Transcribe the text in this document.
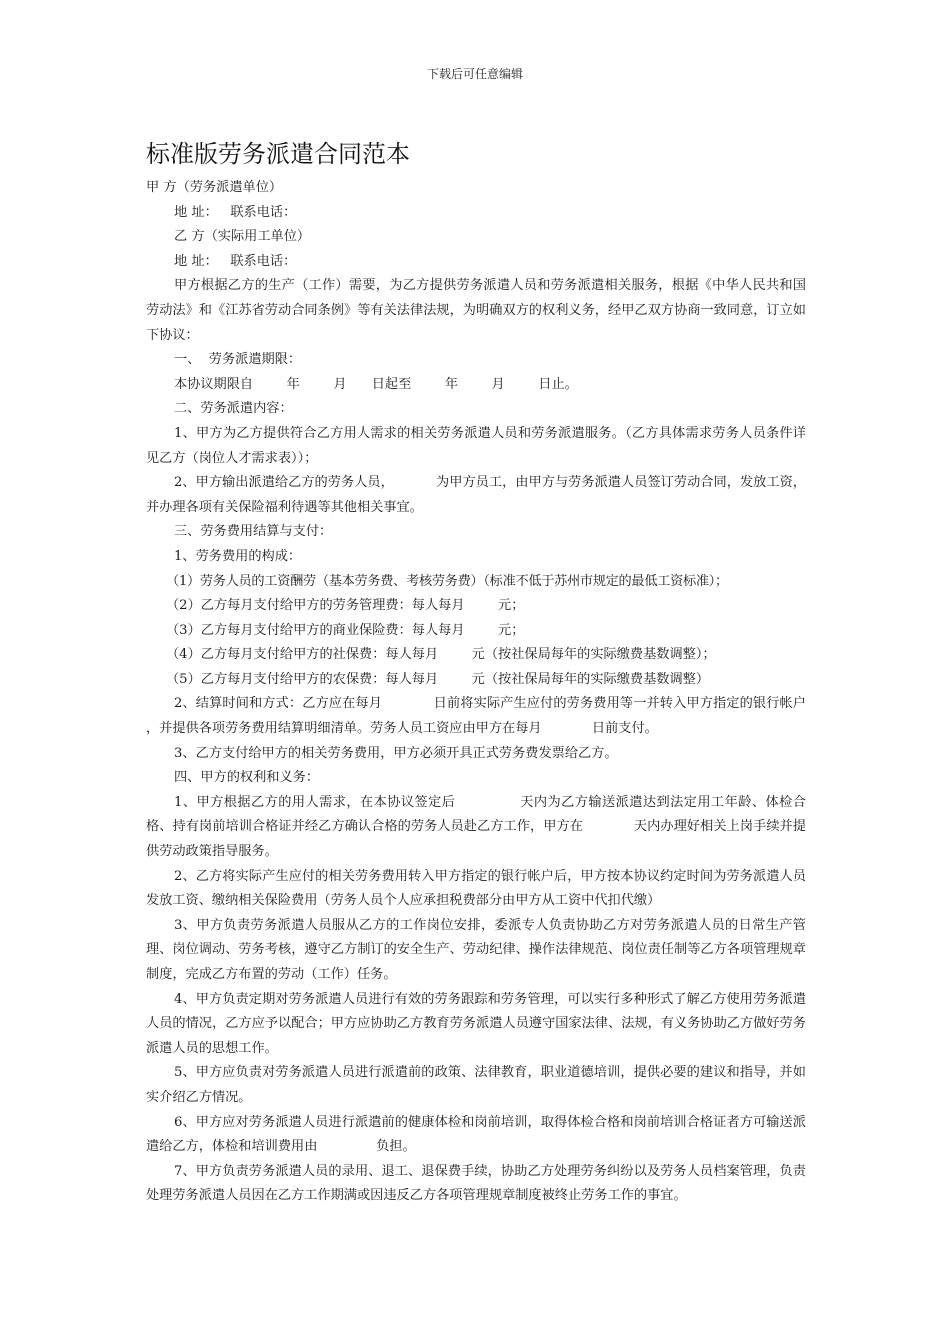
下载后可任意编辑
标准版劳务派遣合同范本

甲 方（劳务派遣单位）

地 址：   联系电话：

乙 方（实际用工单位）

地 址：   联系电话：

甲方根据乙方的生产（工作）需要，为乙方提供劳务派遣人员和劳务派遣相关服务，根据《中华人民共和国劳动法》和《江苏省劳动合同条例》等有关法律法规，为明确双方的权利义务，经甲乙双方协商一致同意，订立如下协议：

一、  劳务派遣期限：

本协议期限自        年        月      日起至        年        月        日止。

二、劳务派遣内容：

1、甲方为乙方提供符合乙方用人需求的相关劳务派遣人员和劳务派遣服务。（乙方具体需求劳务人员条件详见乙方（岗位人才需求表））；

2、甲方输出派遣给乙方的劳务人员，          为甲方员工，由甲方与劳务派遣人员签订劳动合同，发放工资，并办理各项有关保险福利待遇等其他相关事宜。

三、劳务费用结算与支付：

1、劳务费用的构成：

（1）劳务人员的工资酬劳（基本劳务费、考核劳务费）（标准不低于苏州市规定的最低工资标准）；

（2）乙方每月支付给甲方的劳务管理费：每人每月        元；

（3）乙方每月支付给甲方的商业保险费：每人每月        元；

（4）乙方每月支付给甲方的社保费：每人每月        元（按社保局每年的实际缴费基数调整）；

（5）乙方每月支付给甲方的农保费：每人每月        元（按社保局每年的实际缴费基数调整）

2、结算时间和方式：乙方应在每月            日前将实际产生应付的劳务费用等一并转入甲方指定的银行帐户 ，并提供各项劳务费用结算明细清单。劳务人员工资应由甲方在每月            日前支付。

3、乙方支付给甲方的相关劳务费用，甲方必须开具正式劳务费发票给乙方。

四、甲方的权利和义务：

1、甲方根据乙方的用人需求，在本协议签定后              天内为乙方输送派遣达到法定用工年龄、体检合格、持有岗前培训合格证并经乙方确认合格的劳务人员赴乙方工作，甲方在            天内办理好相关上岗手续并提供劳动政策指导服务。

2、乙方将实际产生应付的相关劳务费用转入甲方指定的银行帐户后，甲方按本协议约定时间为劳务派遣人员发放工资、缴纳相关保险费用（劳务人员个人应承担税费部分由甲方从工资中代扣代缴）

3、甲方负责劳务派遣人员服从乙方的工作岗位安排，委派专人负责协助乙方对劳务派遣人员的日常生产管理、岗位调动、劳务考核，遵守乙方制订的安全生产、劳动纪律、操作法律规范、岗位责任制等乙方各项管理规章制度，完成乙方布置的劳动（工作）任务。

4、甲方负责定期对劳务派遣人员进行有效的劳务跟踪和劳务管理，可以实行多种形式了解乙方使用劳务派遣人员的情况，乙方应予以配合；甲方应协助乙方教育劳务派遣人员遵守国家法律、法规，有义务协助乙方做好劳务派遣人员的思想工作。

5、甲方应负责对劳务派遣人员进行派遣前的政策、法律教育，职业道德培训，提供必要的建议和指导，并如实介绍乙方情况。

6、甲方应对劳务派遣人员进行派遣前的健康体检和岗前培训，取得体检合格和岗前培训合格证者方可输送派遣给乙方，体检和培训费用由              负担。

7、甲方负责劳务派遣人员的录用、退工、退保费手续，协助乙方处理劳务纠纷以及劳务人员档案管理，负责处理劳务派遣人员因在乙方工作期满或因违反乙方各项管理规章制度被终止劳务工作的事宜。
